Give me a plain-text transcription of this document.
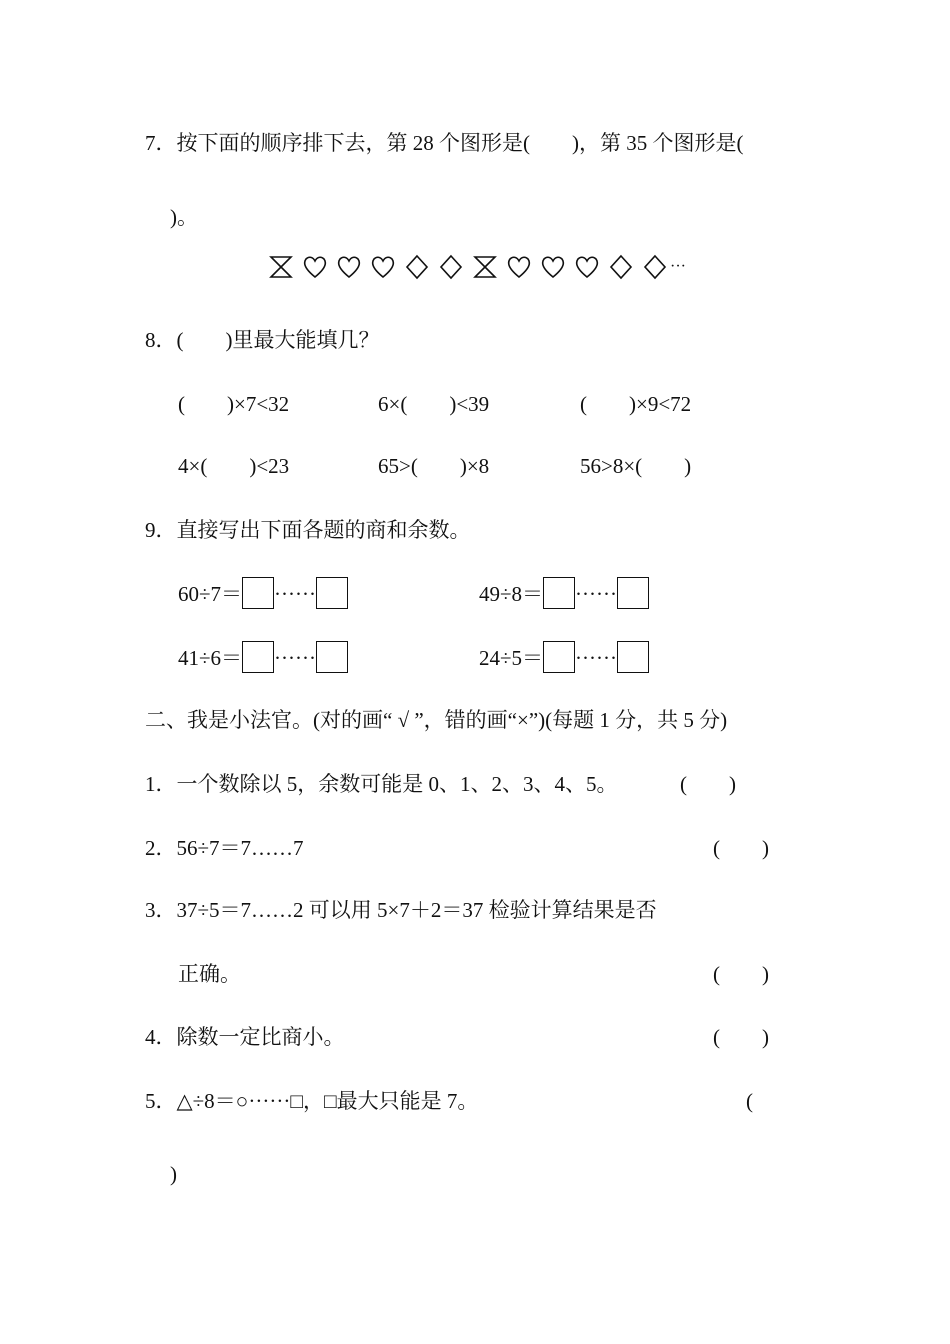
7．按下面的顺序排下去，第 28 个图形是(　　)，第 35 个图形是(
)。
···
8．(　　)里最大能填几？
(　　)×7<32	6×(　　)<39	(　　)×9<72
4×(　　)<23	65>(　　)×8	56>8×(　　)
9．直接写出下面各题的商和余数。
60÷7＝ ······	49÷8＝ ······
41÷6＝ ······	24÷5＝ ······
二、我是小法官。(对的画“ √ ”，错的画“×”)(每题 1 分，共 5 分)
1．一个数除以 5，余数可能是 0、1、2、3、4、5。	(　　)
2．56÷7＝7……7	(　　)
3．37÷5＝7……2 可以用 5×7＋2＝37 检验计算结果是否
正确。	(　　)
4．除数一定比商小。	(　　)
5．△÷8＝○······□，□最大只能是 7。	(
)
